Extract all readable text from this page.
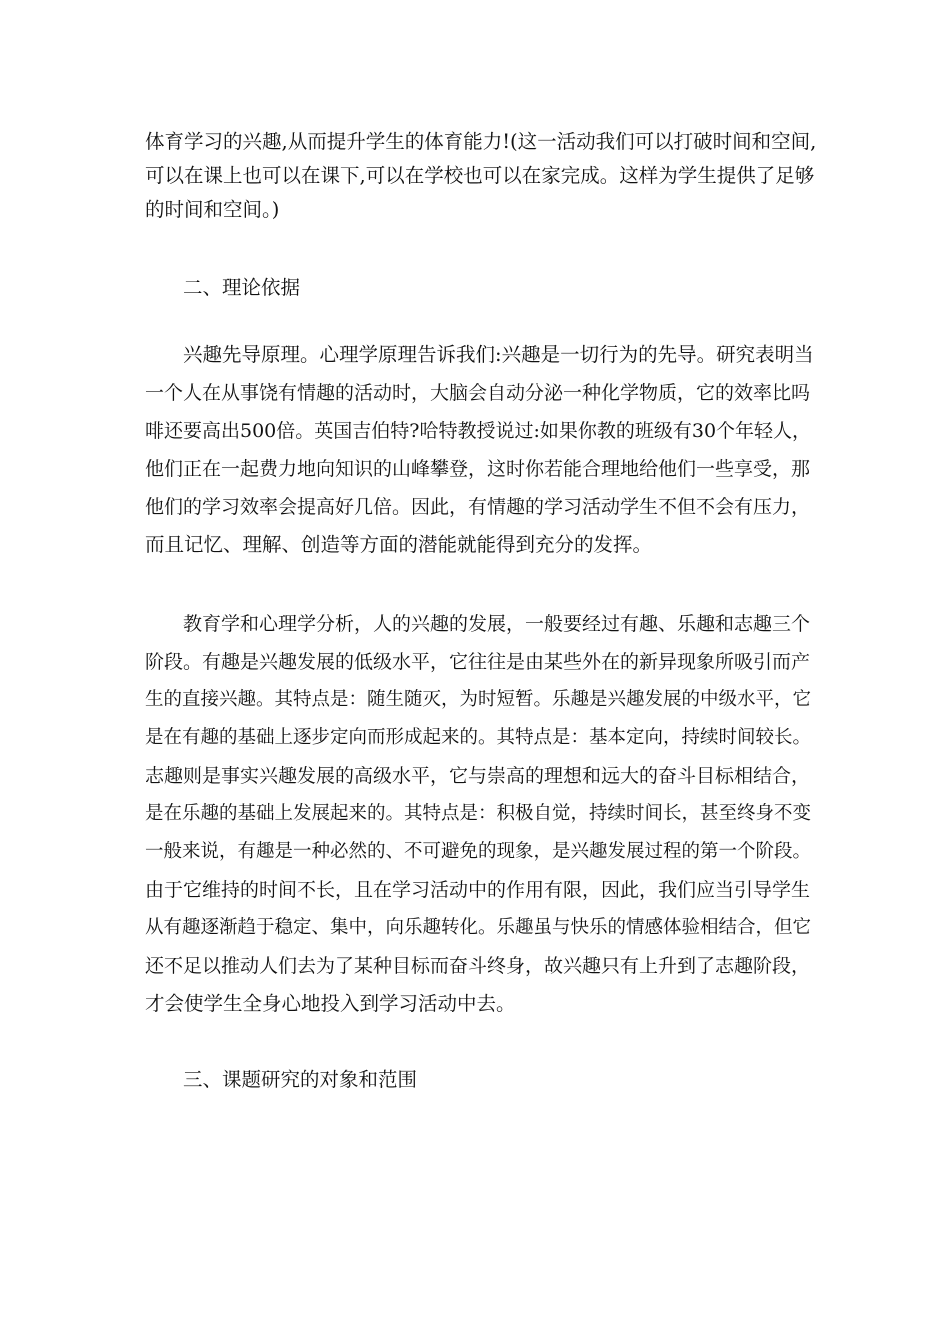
体育学习的兴趣,从而提升学生的体育能力!(这一活动我们可以打破时间和空间,
可以在课上也可以在课下,可以在学校也可以在家完成。这样为学生提供了足够
的时间和空间。)
二、理论依据
兴趣先导原理。心理学原理告诉我们:兴趣是一切行为的先导。研究表明当
一个人在从事饶有情趣的活动时，大脑会自动分泌一种化学物质，它的效率比吗
啡还要高出500倍。英国吉伯特?哈特教授说过:如果你教的班级有30个年轻人，
他们正在一起费力地向知识的山峰攀登，这时你若能合理地给他们一些享受，那
他们的学习效率会提高好几倍。因此，有情趣的学习活动学生不但不会有压力，
而且记忆、理解、创造等方面的潜能就能得到充分的发挥。
教育学和心理学分析，人的兴趣的发展，一般要经过有趣、乐趣和志趣三个
阶段。有趣是兴趣发展的低级水平，它往往是由某些外在的新异现象所吸引而产
生的直接兴趣。其特点是：随生随灭，为时短暂。乐趣是兴趣发展的中级水平，它
是在有趣的基础上逐步定向而形成起来的。其特点是：基本定向，持续时间较长。
志趣则是事实兴趣发展的高级水平，它与崇高的理想和远大的奋斗目标相结合，
是在乐趣的基础上发展起来的。其特点是：积极自觉，持续时间长，甚至终身不变
一般来说，有趣是一种必然的、不可避免的现象，是兴趣发展过程的第一个阶段。
由于它维持的时间不长，且在学习活动中的作用有限，因此，我们应当引导学生
从有趣逐渐趋于稳定、集中，向乐趣转化。乐趣虽与快乐的情感体验相结合，但它
还不足以推动人们去为了某种目标而奋斗终身，故兴趣只有上升到了志趣阶段，
才会使学生全身心地投入到学习活动中去。
三、课题研究的对象和范围
